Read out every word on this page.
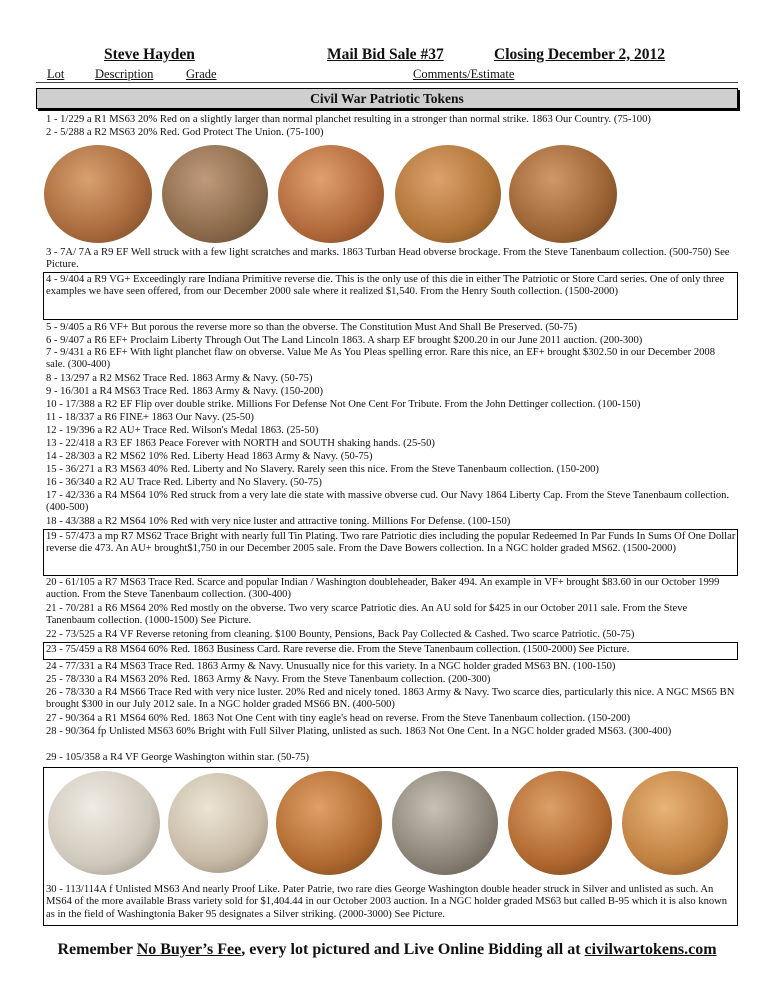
Steve Hayden	Mail Bid Sale #37	Closing December 2, 2012
Lot Description	Grade	Comments/Estimate
Civil War Patriotic Tokens

1 - 1/229 a R1 MS63 20% Red on a slightly larger than normal planchet resulting in a stronger than normal strike. 1863 Our Country. (75-100)

2 - 5/288 a R2 MS63 20% Red. God Protect The Union. (75-100)

3 - 7A/ 7A a R9 EF Well struck with a few light scratches and marks. 1863 Turban Head obverse brockage. From the Steve Tanenbaum collection. (500-750) See Picture.

4 - 9/404 a R9 VG+ Exceedingly rare Indiana Primitive reverse die. This is the only use of this die in either The Patriotic or Store Card series. One of only three examples we have seen offered, from our December 2000 sale where it realized $1,540. From the Henry South collection. (1500-2000)

5 - 9/405 a R6 VF+ But porous the reverse more so than the obverse. The Constitution Must And Shall Be Preserved. (50-75)

6 - 9/407 a R6 EF+ Proclaim Liberty Through Out The Land Lincoln 1863. A sharp EF brought $200.20 in our June 2011 auction. (200-300)

7 - 9/431 a R6 EF+ With light planchet flaw on obverse. Value Me As You Pleas spelling error. Rare this nice, an EF+ brought $302.50 in our December 2008 sale. (300-400)

8 - 13/297 a R2 MS62 Trace Red. 1863 Army & Navy. (50-75)

9 - 16/301 a R4 MS63 Trace Red. 1863 Army & Navy. (150-200)

10 - 17/388 a R2 EF Flip over double strike. Millions For Defense Not One Cent For Tribute. From the John Dettinger collection. (100-150)

11 - 18/337 a R6 FINE+ 1863 Our Navy. (25-50)

12 - 19/396 a R2 AU+ Trace Red. Wilson's Medal 1863. (25-50)

13 - 22/418 a R3 EF 1863 Peace Forever with NORTH and SOUTH shaking hands. (25-50)

14 - 28/303 a R2 MS62 10% Red. Liberty Head 1863 Army & Navy. (50-75)

15 - 36/271 a R3 MS63 40% Red. Liberty and No Slavery. Rarely seen this nice. From the Steve Tanenbaum collection. (150-200)

16 - 36/340 a R2 AU Trace Red. Liberty and No Slavery. (50-75)

17 - 42/336 a R4 MS64 10% Red struck from a very late die state with massive obverse cud. Our Navy 1864 Liberty Cap. From the Steve Tanenbaum collection. (400-500)

18 - 43/388 a R2 MS64 10% Red with very nice luster and attractive toning. Millions For Defense. (100-150)

19 - 57/473 a mp R7 MS62 Trace Bright with nearly full Tin Plating. Two rare Patriotic dies including the popular Redeemed In Par Funds In Sums Of One Dollar reverse die 473. An AU+ brought$1,750 in our December 2005 sale. From the Dave Bowers collection. In a NGC holder graded MS62. (1500-2000)

20 - 61/105 a R7 MS63 Trace Red. Scarce and popular Indian / Washington doubleheader, Baker 494. An example in VF+ brought $83.60 in our October 1999 auction. From the Steve Tanenbaum collection. (300-400)

21 - 70/281 a R6 MS64 20% Red mostly on the obverse. Two very scarce Patriotic dies. An AU sold for $425 in our October 2011 sale. From the Steve Tanenbaum collection. (1000-1500) See Picture.

22 - 73/525 a R4 VF Reverse retoning from cleaning. $100 Bounty, Pensions, Back Pay Collected & Cashed. Two scarce Patriotic. (50-75)

23 - 75/459 a R8 MS64 60% Red. 1863 Business Card. Rare reverse die. From the Steve Tanenbaum collection. (1500-2000) See Picture.

24 - 77/331 a R4 MS63 Trace Red. 1863 Army & Navy. Unusually nice for this variety. In a NGC holder graded MS63 BN. (100-150)

25 - 78/330 a R4 MS63 20% Red. 1863 Army & Navy. From the Steve Tanenbaum collection. (200-300)

26 - 78/330 a R4 MS66 Trace Red with very nice luster. 20% Red and nicely toned. 1863 Army & Navy. Two scarce dies, particularly this nice. A NGC MS65 BN brought $300 in our July 2012 sale. In a NGC holder graded MS66 BN. (400-500)

27 - 90/364 a R1 MS64 60% Red. 1863 Not One Cent with tiny eagle's head on reverse. From the Steve Tanenbaum collection. (150-200)

28 - 90/364 fp Unlisted MS63 60% Bright with Full Silver Plating, unlisted as such. 1863 Not One Cent. In a NGC holder graded MS63. (300-400)

29 - 105/358 a R4 VF George Washington within star. (50-75)

30 - 113/114A f Unlisted MS63 And nearly Proof Like. Pater Patrie, two rare dies George Washington double header struck in Silver and unlisted as such. An MS64 of the more available Brass variety sold for $1,404.44 in our October 2003 auction. In a NGC holder graded MS63 but called B-95 which it is also known as in the field of Washingtonia Baker 95 designates a Silver striking. (2000-3000) See Picture.

Remember No Buyer’s Fee, every lot pictured and Live Online Bidding all at civilwartokens.com
